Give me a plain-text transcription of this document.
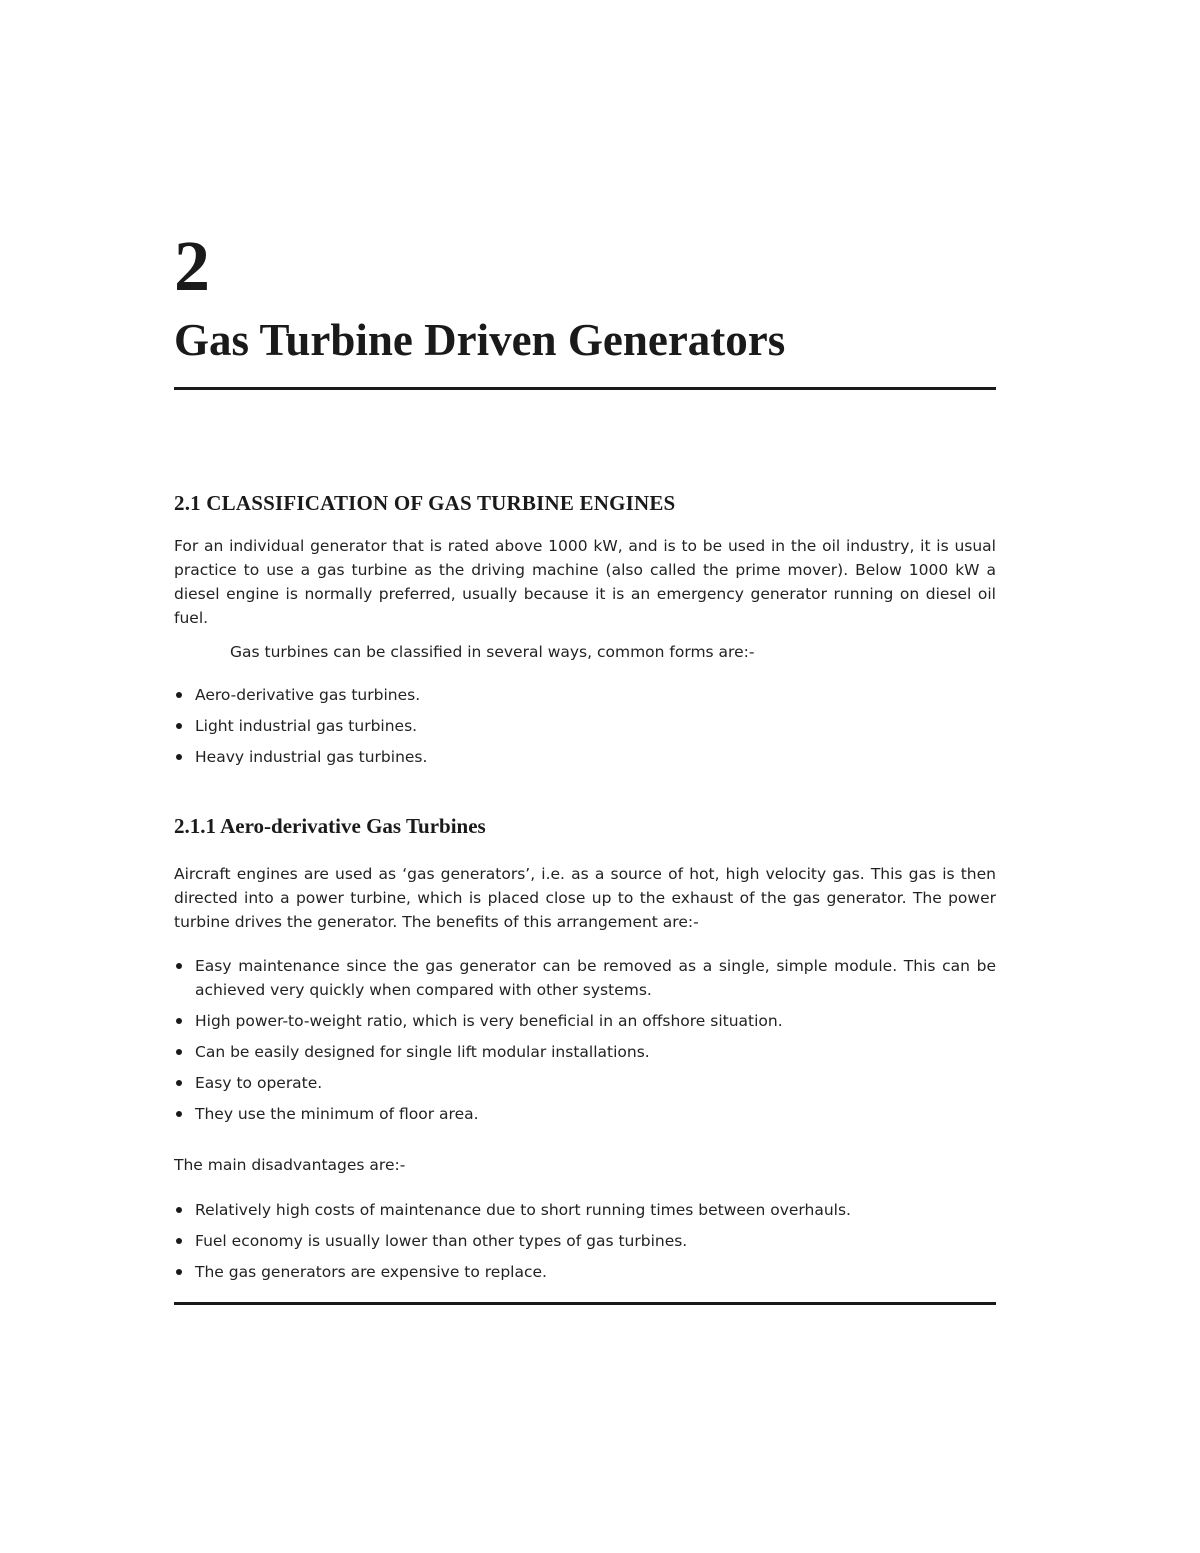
2
Gas Turbine Driven Generators
2.1 CLASSIFICATION OF GAS TURBINE ENGINES

For an individual generator that is rated above 1000 kW, and is to be used in the oil industry, it is usual practice to use a gas turbine as the driving machine (also called the prime mover). Below 1000 kW a diesel engine is normally preferred, usually because it is an emergency generator running on diesel oil fuel.

Gas turbines can be classified in several ways, common forms are:-

Aero-derivative gas turbines.
Light industrial gas turbines.
Heavy industrial gas turbines.
2.1.1 Aero-derivative Gas Turbines

Aircraft engines are used as ‘gas generators’, i.e. as a source of hot, high velocity gas. This gas is then directed into a power turbine, which is placed close up to the exhaust of the gas generator. The power turbine drives the generator. The benefits of this arrangement are:-

Easy maintenance since the gas generator can be removed as a single, simple module. This can be achieved very quickly when compared with other systems.
High power-to-weight ratio, which is very beneficial in an offshore situation.
Can be easily designed for single lift modular installations.
Easy to operate.
They use the minimum of floor area.

The main disadvantages are:-

Relatively high costs of maintenance due to short running times between overhauls.
Fuel economy is usually lower than other types of gas turbines.
The gas generators are expensive to replace.
